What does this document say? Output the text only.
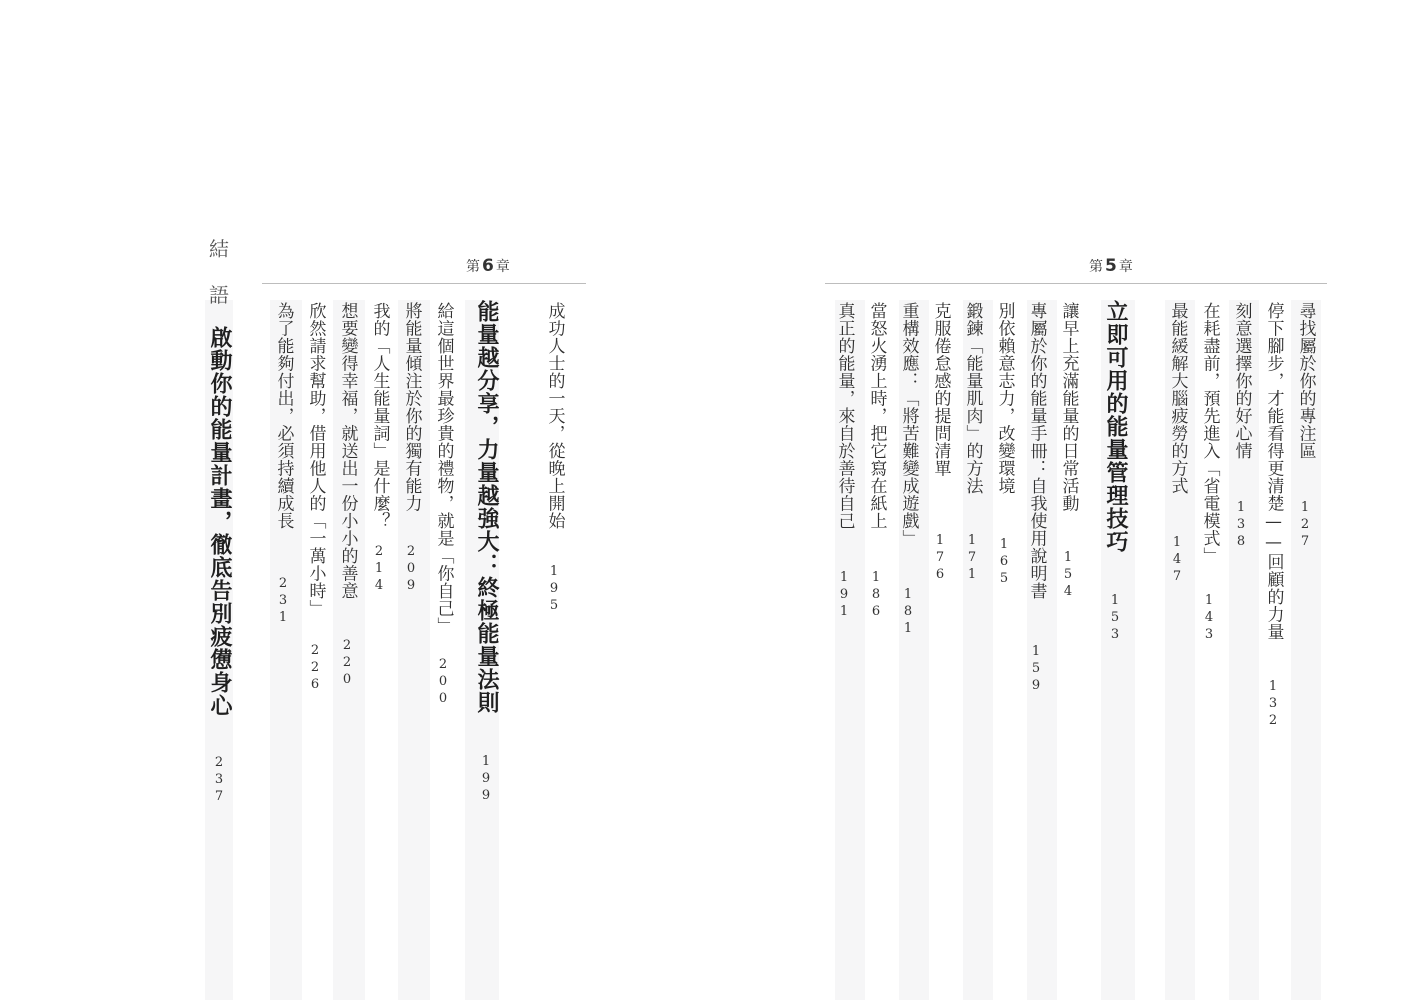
結
語
第 6 章
成功人士的一天，從晚上開始
195
能量越分享，力量越強大：終極能量法則
199
給這個世界最珍貴的禮物，就是「你自己」
200
將能量傾注於你的獨有能力
209
我的「人生能量詞」是什麼？
214
想要變得幸福，就送出一份小小的善意
220
欣然請求幫助，借用他人的「一萬小時」
226
為了能夠付出，必須持續成長
231
啟動你的能量計畫，徹底告別疲憊身心
237
第 5 章
尋找屬於你的專注區
127
停下腳步，才能看得更清楚——回顧的力量
132
刻意選擇你的好心情
138
在耗盡前，預先進入「省電模式」
143
最能緩解大腦疲勞的方式
147
立即可用的能量管理技巧
153
讓早上充滿能量的日常活動
154
專屬於你的能量手冊：自我使用說明書
159
別依賴意志力，改變環境
165
鍛鍊「能量肌肉」的方法
171
克服倦怠感的提問清單
176
重構效應：「將苦難變成遊戲」
181
當怒火湧上時，把它寫在紙上
186
真正的能量，來自於善待自己
191
